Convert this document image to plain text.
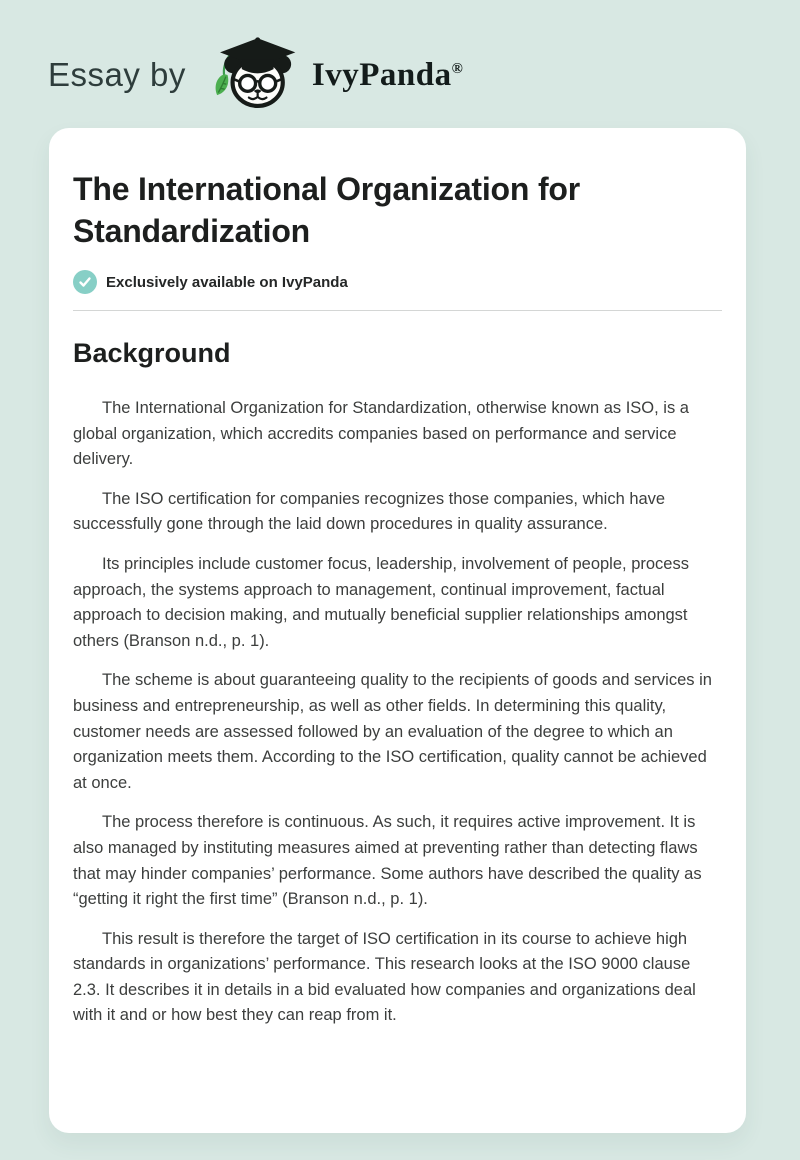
Essay by	IvyPanda®
The International Organization for Standardization
Exclusively available on IvyPanda
Background

The International Organization for Standardization, otherwise known as ISO, is a global organization, which accredits companies based on performance and service delivery.

The ISO certification for companies recognizes those companies, which have successfully gone through the laid down procedures in quality assurance.

Its principles include customer focus, leadership, involvement of people, process approach, the systems approach to management, continual improvement, factual approach to decision making, and mutually beneficial supplier relationships amongst others (Branson n.d., p. 1).

The scheme is about guaranteeing quality to the recipients of goods and services in business and entrepreneurship, as well as other fields. In determining this quality, customer needs are assessed followed by an evaluation of the degree to which an organization meets them. According to the ISO certification, quality cannot be achieved at once.

The process therefore is continuous. As such, it requires active improvement. It is also managed by instituting measures aimed at preventing rather than detecting flaws that may hinder companies’ performance. Some authors have described the quality as “getting it right the first time” (Branson n.d., p. 1).

This result is therefore the target of ISO certification in its course to achieve high standards in organizations’ performance. This research looks at the ISO 9000 clause 2.3. It describes it in details in a bid evaluated how companies and organizations deal with it and or how best they can reap from it.
